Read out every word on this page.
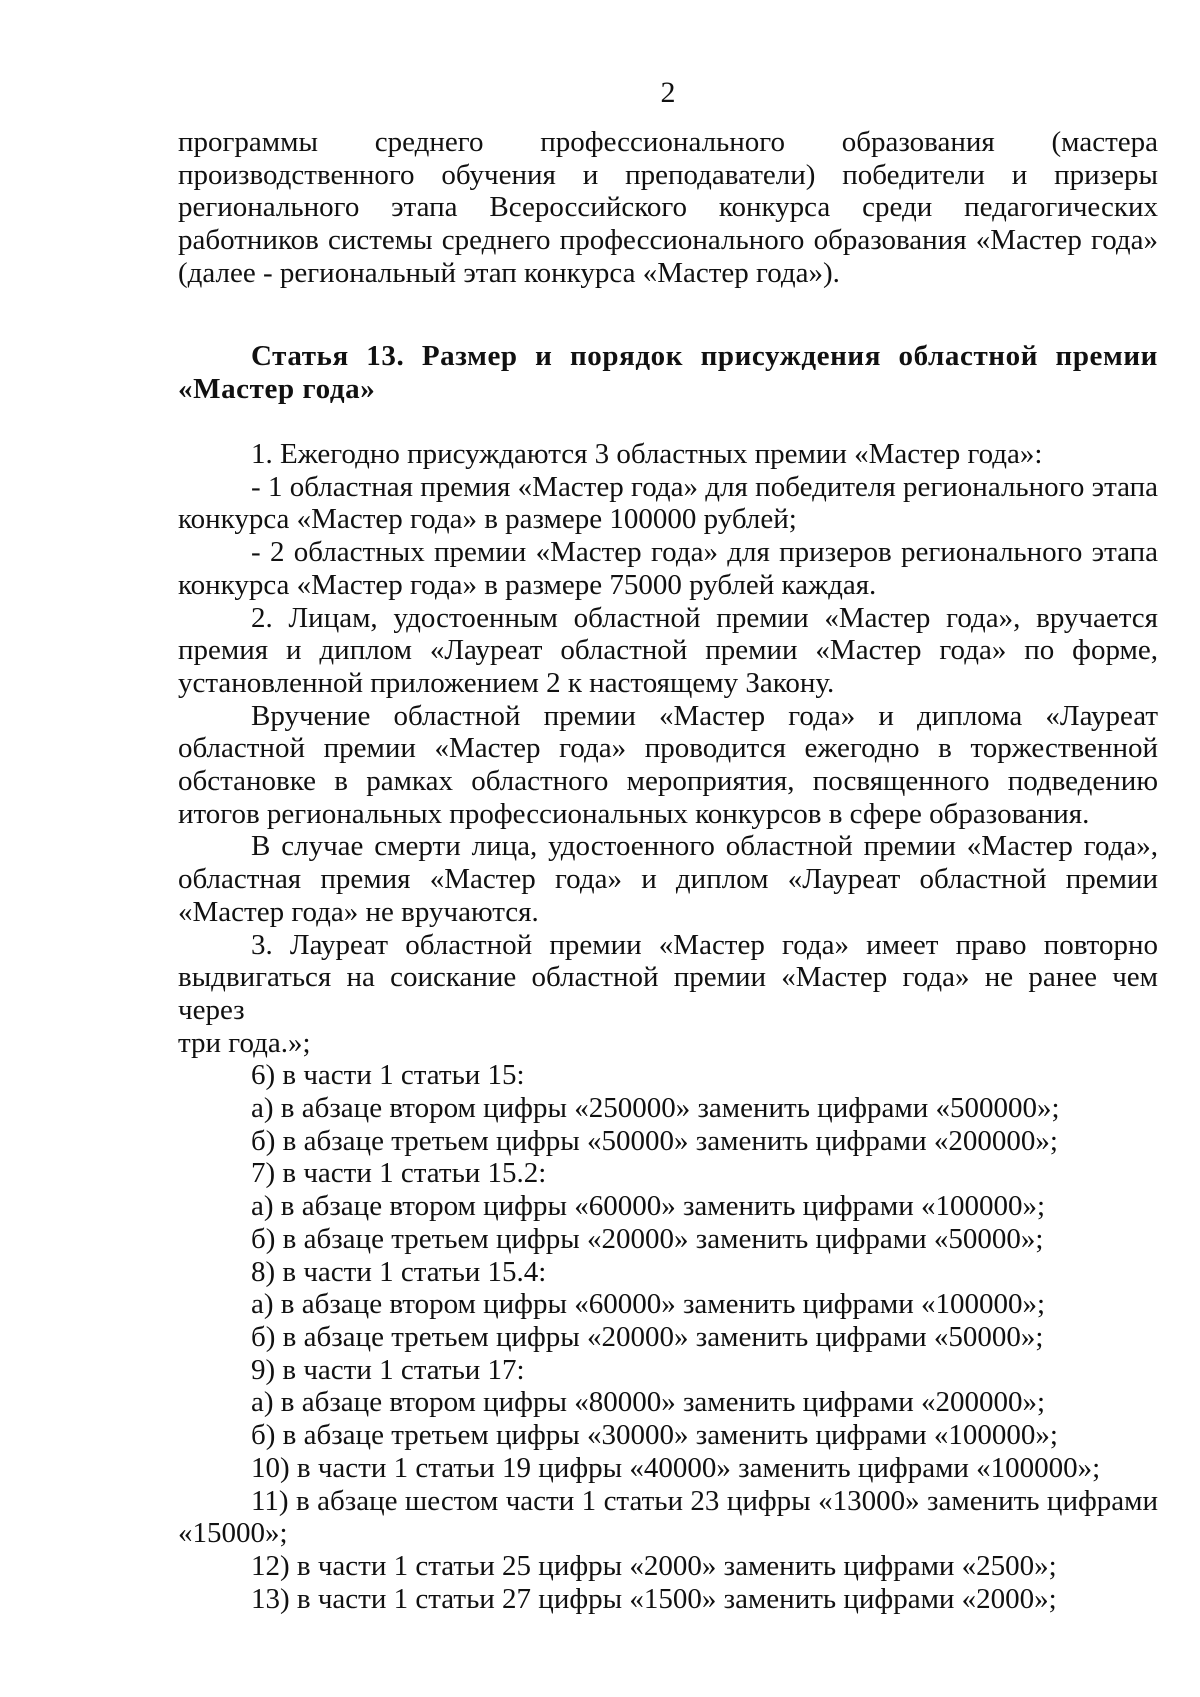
2
программы среднего профессионального образования (мастера
производственного обучения и преподаватели) победители и призеры
регионального этапа Всероссийского конкурса среди педагогических
работников системы среднего профессионального образования «Мастер года»
(далее - региональный этап конкурса «Мастер года»).
Статья 13. Размер и порядок присуждения областной премии
«Мастер года»
1. Ежегодно присуждаются 3 областных премии «Мастер года»:
- 1 областная премия «Мастер года» для победителя регионального этапа
конкурса «Мастер года» в размере 100000 рублей;
- 2 областных премии «Мастер года» для призеров регионального этапа
конкурса «Мастер года» в размере 75000 рублей каждая.
2. Лицам, удостоенным областной премии «Мастер года», вручается
премия и диплом «Лауреат областной премии «Мастер года» по форме,
установленной приложением 2 к настоящему Закону.
Вручение областной премии «Мастер года» и диплома «Лауреат
областной премии «Мастер года» проводится ежегодно в торжественной
обстановке в рамках областного мероприятия, посвященного подведению
итогов региональных профессиональных конкурсов в сфере образования.
В случае смерти лица, удостоенного областной премии «Мастер года»,
областная премия «Мастер года» и диплом «Лауреат областной премии
«Мастер года» не вручаются.
3. Лауреат областной премии «Мастер года» имеет право повторно
выдвигаться на соискание областной премии «Мастер года» не ранее чем через
три года.»;
6) в части 1 статьи 15:
а) в абзаце втором цифры «250000» заменить цифрами «500000»;
б) в абзаце третьем цифры «50000» заменить цифрами «200000»;
7) в части 1 статьи 15.2:
а) в абзаце втором цифры «60000» заменить цифрами «100000»;
б) в абзаце третьем цифры «20000» заменить цифрами «50000»;
8) в части 1 статьи 15.4:
а) в абзаце втором цифры «60000» заменить цифрами «100000»;
б) в абзаце третьем цифры «20000» заменить цифрами «50000»;
9) в части 1 статьи 17:
а) в абзаце втором цифры «80000» заменить цифрами «200000»;
б) в абзаце третьем цифры «30000» заменить цифрами «100000»;
10) в части 1 статьи 19 цифры «40000» заменить цифрами «100000»;
11) в абзаце шестом части 1 статьи 23 цифры «13000» заменить цифрами
«15000»;
12) в части 1 статьи 25 цифры «2000» заменить цифрами «2500»;
13) в части 1 статьи 27 цифры «1500» заменить цифрами «2000»;
